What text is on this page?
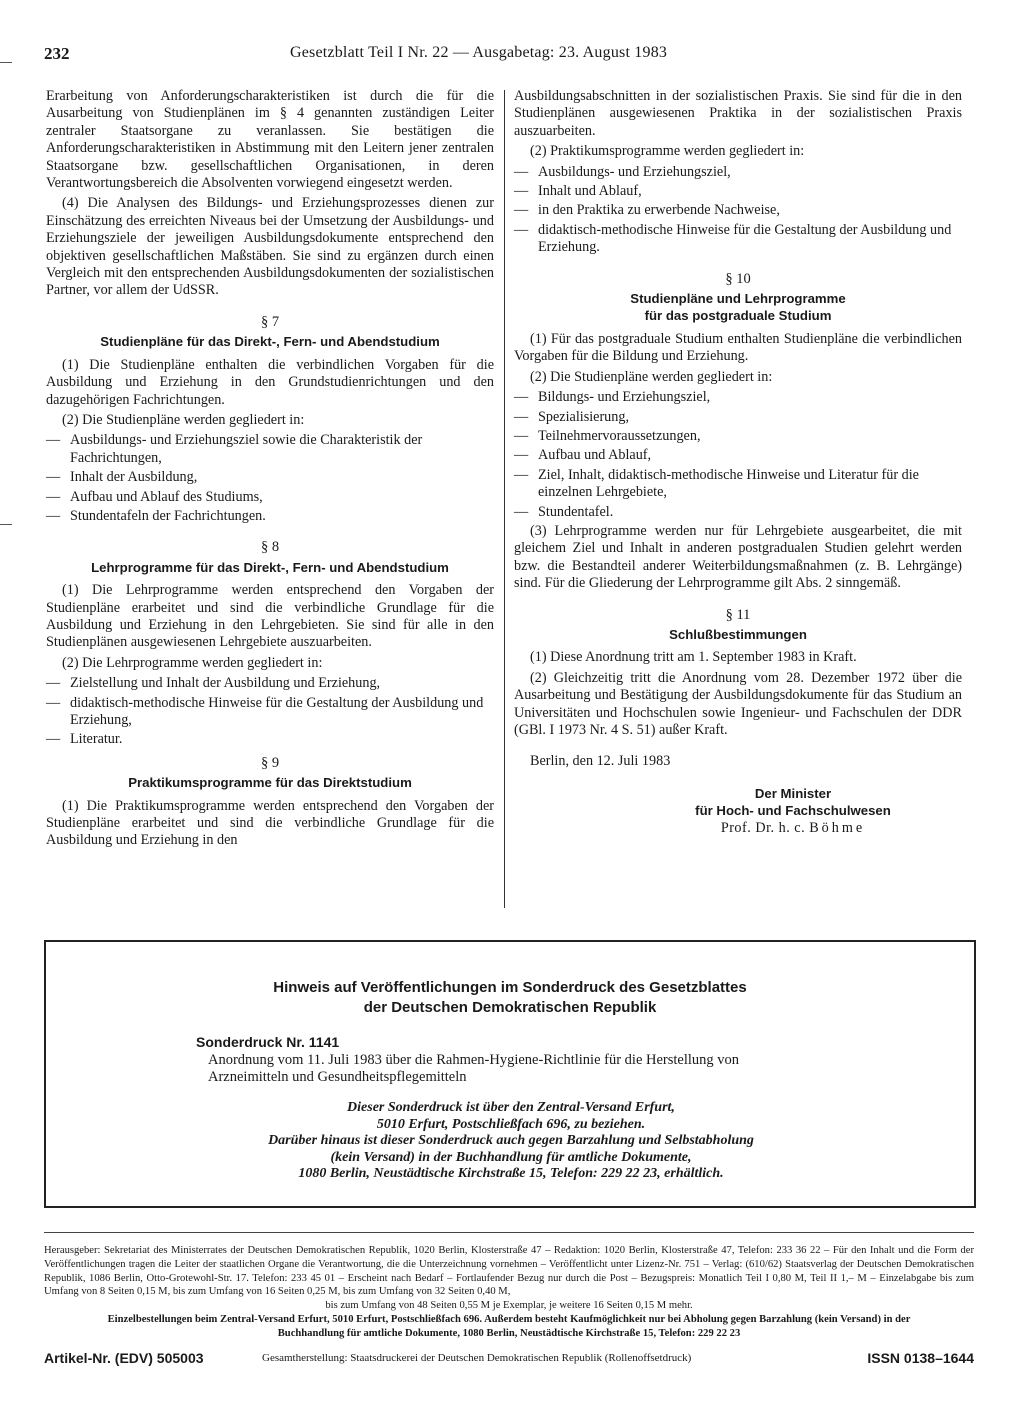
232	Gesetzblatt Teil I Nr. 22 — Ausgabetag: 23. August 1983

Erarbeitung von Anforderungscharakteristiken ist durch die für die Ausarbeitung von Studienplänen im § 4 genannten zuständigen Leiter zentraler Staatsorgane zu veranlassen. Sie bestätigen die Anforderungscharakteristiken in Abstimmung mit den Leitern jener zentralen Staatsorgane bzw. gesellschaftlichen Organisationen, in deren Verantwortungsbereich die Absolventen vorwiegend eingesetzt werden.

(4) Die Analysen des Bildungs- und Erziehungsprozesses dienen zur Einschätzung des erreichten Niveaus bei der Umsetzung der Ausbildungs- und Erziehungsziele der jeweiligen Ausbildungsdokumente entsprechend den objektiven gesellschaftlichen Maßstäben. Sie sind zu ergänzen durch einen Vergleich mit den entsprechenden Ausbildungsdokumenten der sozialistischen Partner, vor allem der UdSSR.

§ 7
Studienpläne für das Direkt-, Fern- und Abendstudium

(1) Die Studienpläne enthalten die verbindlichen Vorgaben für die Ausbildung und Erziehung in den Grundstudienrichtungen und den dazugehörigen Fachrichtungen.

(2) Die Studienpläne werden gegliedert in:

— Ausbildungs- und Erziehungsziel sowie die Charakteristik der Fachrichtungen,
— Inhalt der Ausbildung,
— Aufbau und Ablauf des Studiums,
— Stundentafeln der Fachrichtungen.
§ 8
Lehrprogramme für das Direkt-, Fern- und Abendstudium

(1) Die Lehrprogramme werden entsprechend den Vorgaben der Studienpläne erarbeitet und sind die verbindliche Grundlage für die Ausbildung und Erziehung in den Lehrgebieten. Sie sind für alle in den Studienplänen ausgewiesenen Lehrgebiete auszuarbeiten.

(2) Die Lehrprogramme werden gegliedert in:

— Zielstellung und Inhalt der Ausbildung und Erziehung,
— didaktisch-methodische Hinweise für die Gestaltung der Ausbildung und Erziehung,
— Literatur.
§ 9
Praktikumsprogramme für das Direktstudium

(1) Die Praktikumsprogramme werden entsprechend den Vorgaben der Studienpläne erarbeitet und sind die verbindliche Grundlage für die Ausbildung und Erziehung in den

Ausbildungsabschnitten in der sozialistischen Praxis. Sie sind für die in den Studienplänen ausgewiesenen Praktika in der sozialistischen Praxis auszuarbeiten.

(2) Praktikumsprogramme werden gegliedert in:

— Ausbildungs- und Erziehungsziel,
— Inhalt und Ablauf,
— in den Praktika zu erwerbende Nachweise,
— didaktisch-methodische Hinweise für die Gestaltung der Ausbildung und Erziehung.
§ 10
Studienpläne und Lehrprogramme
für das postgraduale Studium

(1) Für das postgraduale Studium enthalten Studienpläne die verbindlichen Vorgaben für die Bildung und Erziehung.

(2) Die Studienpläne werden gegliedert in:

— Bildungs- und Erziehungsziel,
— Spezialisierung,
— Teilnehmervoraussetzungen,
— Aufbau und Ablauf,
— Ziel, Inhalt, didaktisch-methodische Hinweise und Literatur für die einzelnen Lehrgebiete,
— Stundentafel.

(3) Lehrprogramme werden nur für Lehrgebiete ausgearbeitet, die mit gleichem Ziel und Inhalt in anderen postgradualen Studien gelehrt werden bzw. die Bestandteil anderer Weiterbildungsmaßnahmen (z. B. Lehrgänge) sind. Für die Gliederung der Lehrprogramme gilt Abs. 2 sinngemäß.

§ 11
Schlußbestimmungen

(1) Diese Anordnung tritt am 1. September 1983 in Kraft.

(2) Gleichzeitig tritt die Anordnung vom 28. Dezember 1972 über die Ausarbeitung und Bestätigung der Ausbildungsdokumente für das Studium an Universitäten und Hochschulen sowie Ingenieur- und Fachschulen der DDR (GBl. I 1973 Nr. 4 S. 51) außer Kraft.

Berlin, den 12. Juli 1983

Der Minister
für Hoch- und Fachschulwesen
Prof. Dr. h. c. Böhme
Hinweis auf Veröffentlichungen im Sonderdruck des Gesetzblattes
der Deutschen Demokratischen Republik
Sonderdruck Nr. 1141
Anordnung vom 11. Juli 1983 über die Rahmen-Hygiene-Richtlinie für die Herstellung von Arzneimitteln und Gesundheitspflegemitteln
Dieser Sonderdruck ist über den Zentral-Versand Erfurt,
5010 Erfurt, Postschließfach 696, zu beziehen.
Darüber hinaus ist dieser Sonderdruck auch gegen Barzahlung und Selbstabholung
(kein Versand) in der Buchhandlung für amtliche Dokumente,
1080 Berlin, Neustädtische Kirchstraße 15, Telefon: 229 22 23, erhältlich.
Herausgeber: Sekretariat des Ministerrates der Deutschen Demokratischen Republik, 1020 Berlin, Klosterstraße 47 – Redaktion: 1020 Berlin, Klosterstraße 47, Telefon: 233 36 22 – Für den Inhalt und die Form der Veröffentlichungen tragen die Leiter der staatlichen Organe die Verantwortung, die die Unterzeichnung vornehmen – Veröffentlicht unter Lizenz-Nr. 751 – Verlag: (610/62) Staatsverlag der Deutschen Demokratischen Republik, 1086 Berlin, Otto-Grotewohl-Str. 17. Telefon: 233 45 01 – Erscheint nach Bedarf – Fortlaufender Bezug nur durch die Post – Bezugspreis: Monatlich Teil I 0,80 M, Teil II 1,– M – Einzelabgabe bis zum Umfang von 8 Seiten 0,15 M, bis zum Umfang von 16 Seiten 0,25 M, bis zum Umfang von 32 Seiten 0,40 M,
bis zum Umfang von 48 Seiten 0,55 M je Exemplar, je weitere 16 Seiten 0,15 M mehr.
Einzelbestellungen beim Zentral-Versand Erfurt, 5010 Erfurt, Postschließfach 696. Außerdem besteht Kaufmöglichkeit nur bei Abholung gegen Barzahlung (kein Versand) in der
Buchhandlung für amtliche Dokumente, 1080 Berlin, Neustädtische Kirchstraße 15, Telefon: 229 22 23
Artikel-Nr. (EDV) 505003	Gesamtherstellung: Staatsdruckerei der Deutschen Demokratischen Republik (Rollenoffsetdruck)	ISSN 0138–1644
